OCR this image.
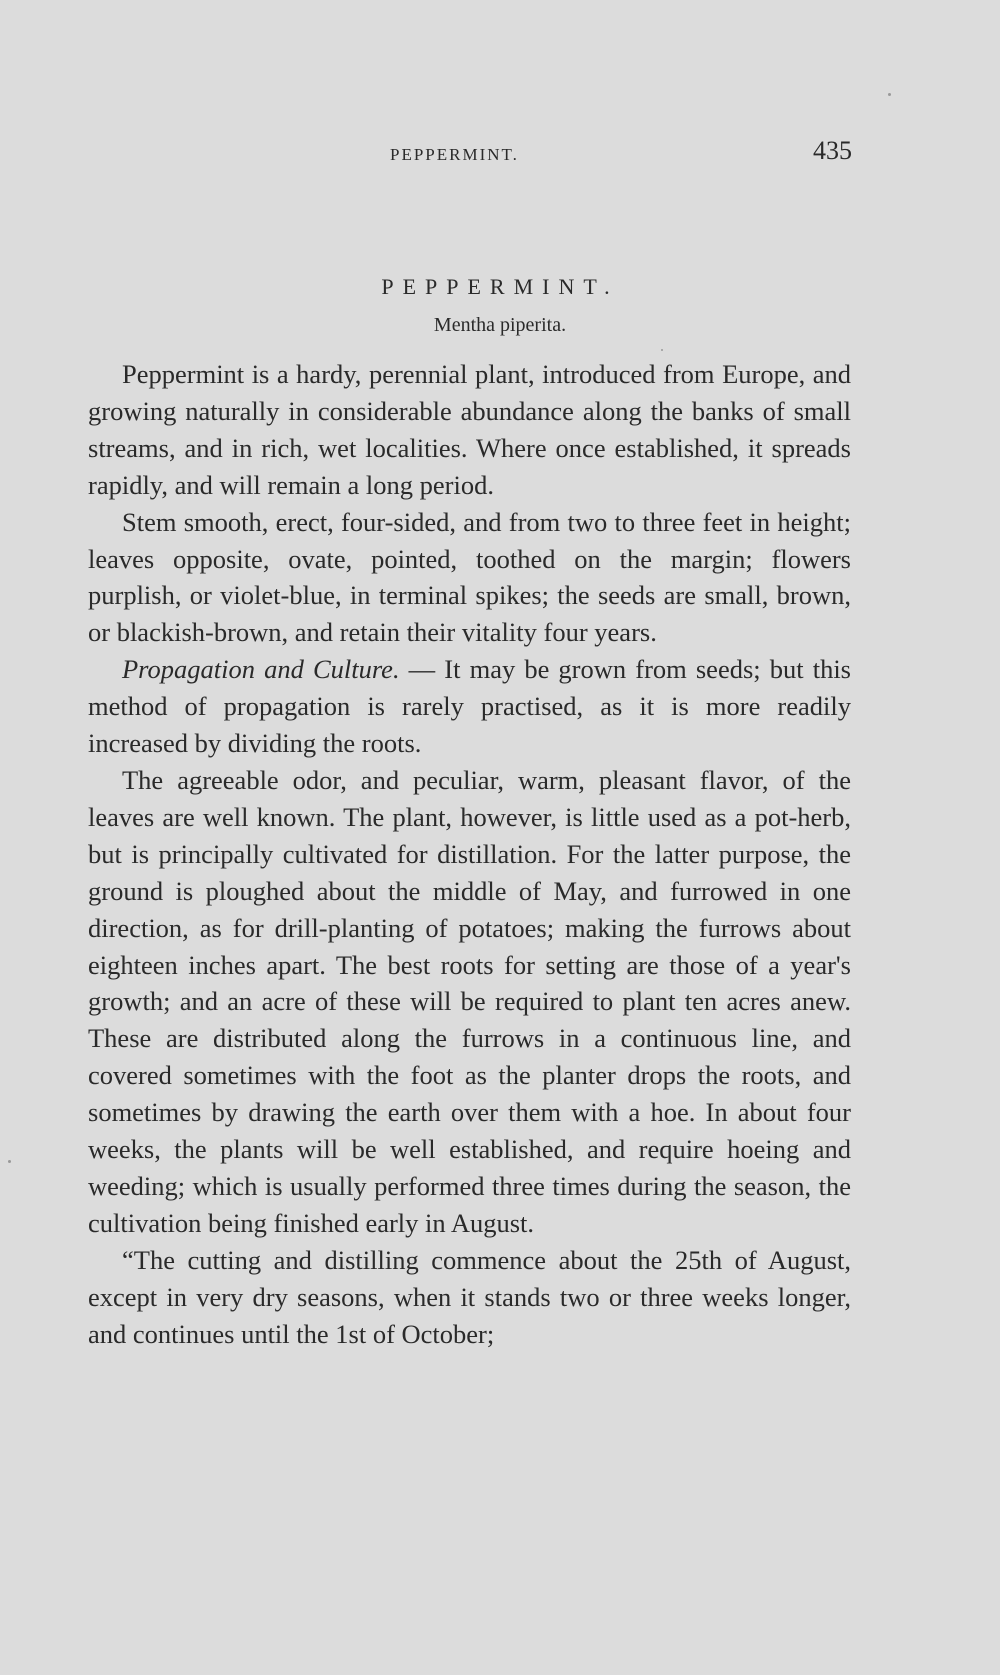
PEPPERMINT.	435
PEPPERMINT.
Mentha piperita.

Peppermint is a hardy, perennial plant, introduced from Europe, and growing naturally in considerable abundance along the banks of small streams, and in rich, wet localities. Where once established, it spreads rapidly, and will remain a long period.

Stem smooth, erect, four-sided, and from two to three feet in height; leaves opposite, ovate, pointed, toothed on the margin; flowers purplish, or violet-blue, in terminal spikes; the seeds are small, brown, or blackish-brown, and retain their vitality four years.

Propagation and Culture. — It may be grown from seeds; but this method of propagation is rarely practised, as it is more readily increased by dividing the roots.

The agreeable odor, and peculiar, warm, pleasant flavor, of the leaves are well known. The plant, however, is little used as a pot-herb, but is principally cultivated for distillation. For the latter purpose, the ground is ploughed about the middle of May, and furrowed in one direction, as for drill-planting of potatoes; making the furrows about eighteen inches apart. The best roots for setting are those of a year's growth; and an acre of these will be required to plant ten acres anew. These are distributed along the furrows in a continuous line, and covered sometimes with the foot as the planter drops the roots, and sometimes by drawing the earth over them with a hoe. In about four weeks, the plants will be well established, and require hoeing and weeding; which is usually performed three times during the season, the cultivation being finished early in August.

“The cutting and distilling commence about the 25th of August, except in very dry seasons, when it stands two or three weeks longer, and continues until the 1st of October;
